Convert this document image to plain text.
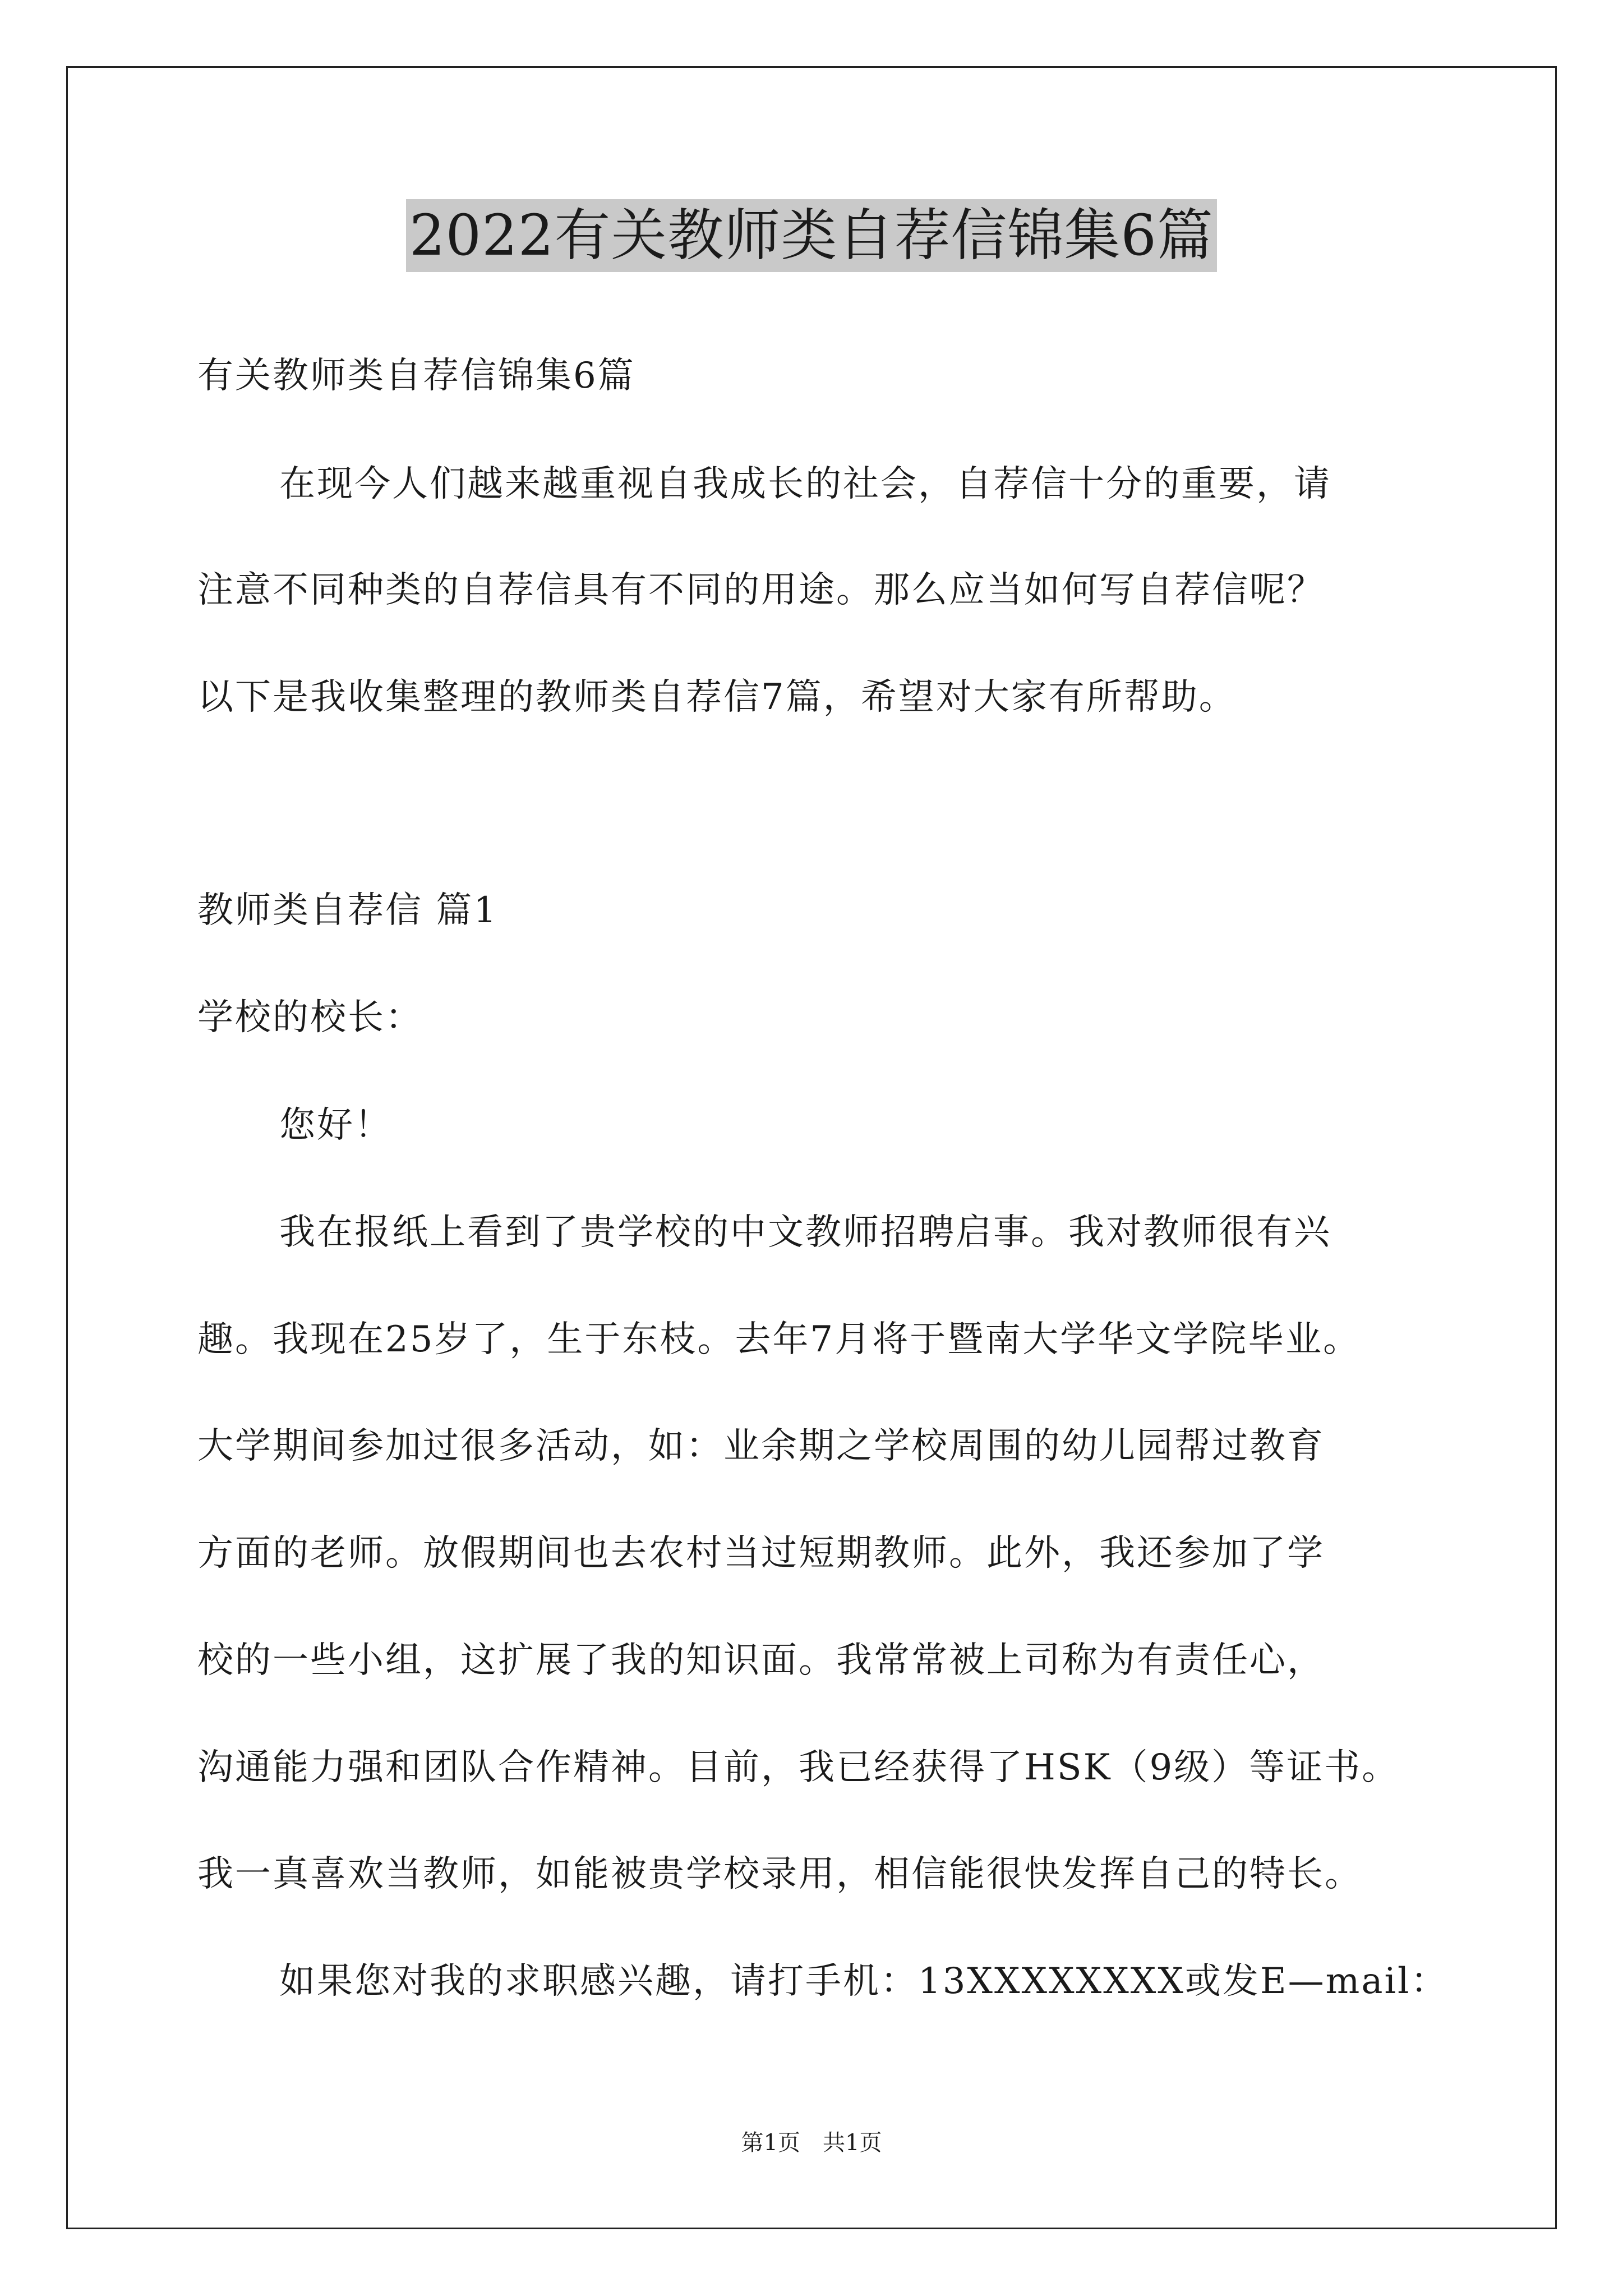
2022有关教师类自荐信锦集6篇
有关教师类自荐信锦集6篇
在现今人们越来越重视自我成长的社会，自荐信十分的重要，请
注意不同种类的自荐信具有不同的用途。那么应当如何写自荐信呢？
以下是我收集整理的教师类自荐信7篇，希望对大家有所帮助。
教师类自荐信 篇1
学校的校长：
您好！
我在报纸上看到了贵学校的中文教师招聘启事。我对教师很有兴
趣。我现在25岁了，生于东枝。去年7月将于暨南大学华文学院毕业。
大学期间参加过很多活动，如：业余期之学校周围的幼儿园帮过教育
方面的老师。放假期间也去农村当过短期教师。此外，我还参加了学
校的一些小组，这扩展了我的知识面。我常常被上司称为有责任心，
沟通能力强和团队合作精神。目前，我已经获得了HSK（9级）等证书。
我一真喜欢当教师，如能被贵学校录用，相信能很快发挥自己的特长。
如果您对我的求职感兴趣，请打手机：13XXXXXXXX或发E—mail：
第1页　共1页
